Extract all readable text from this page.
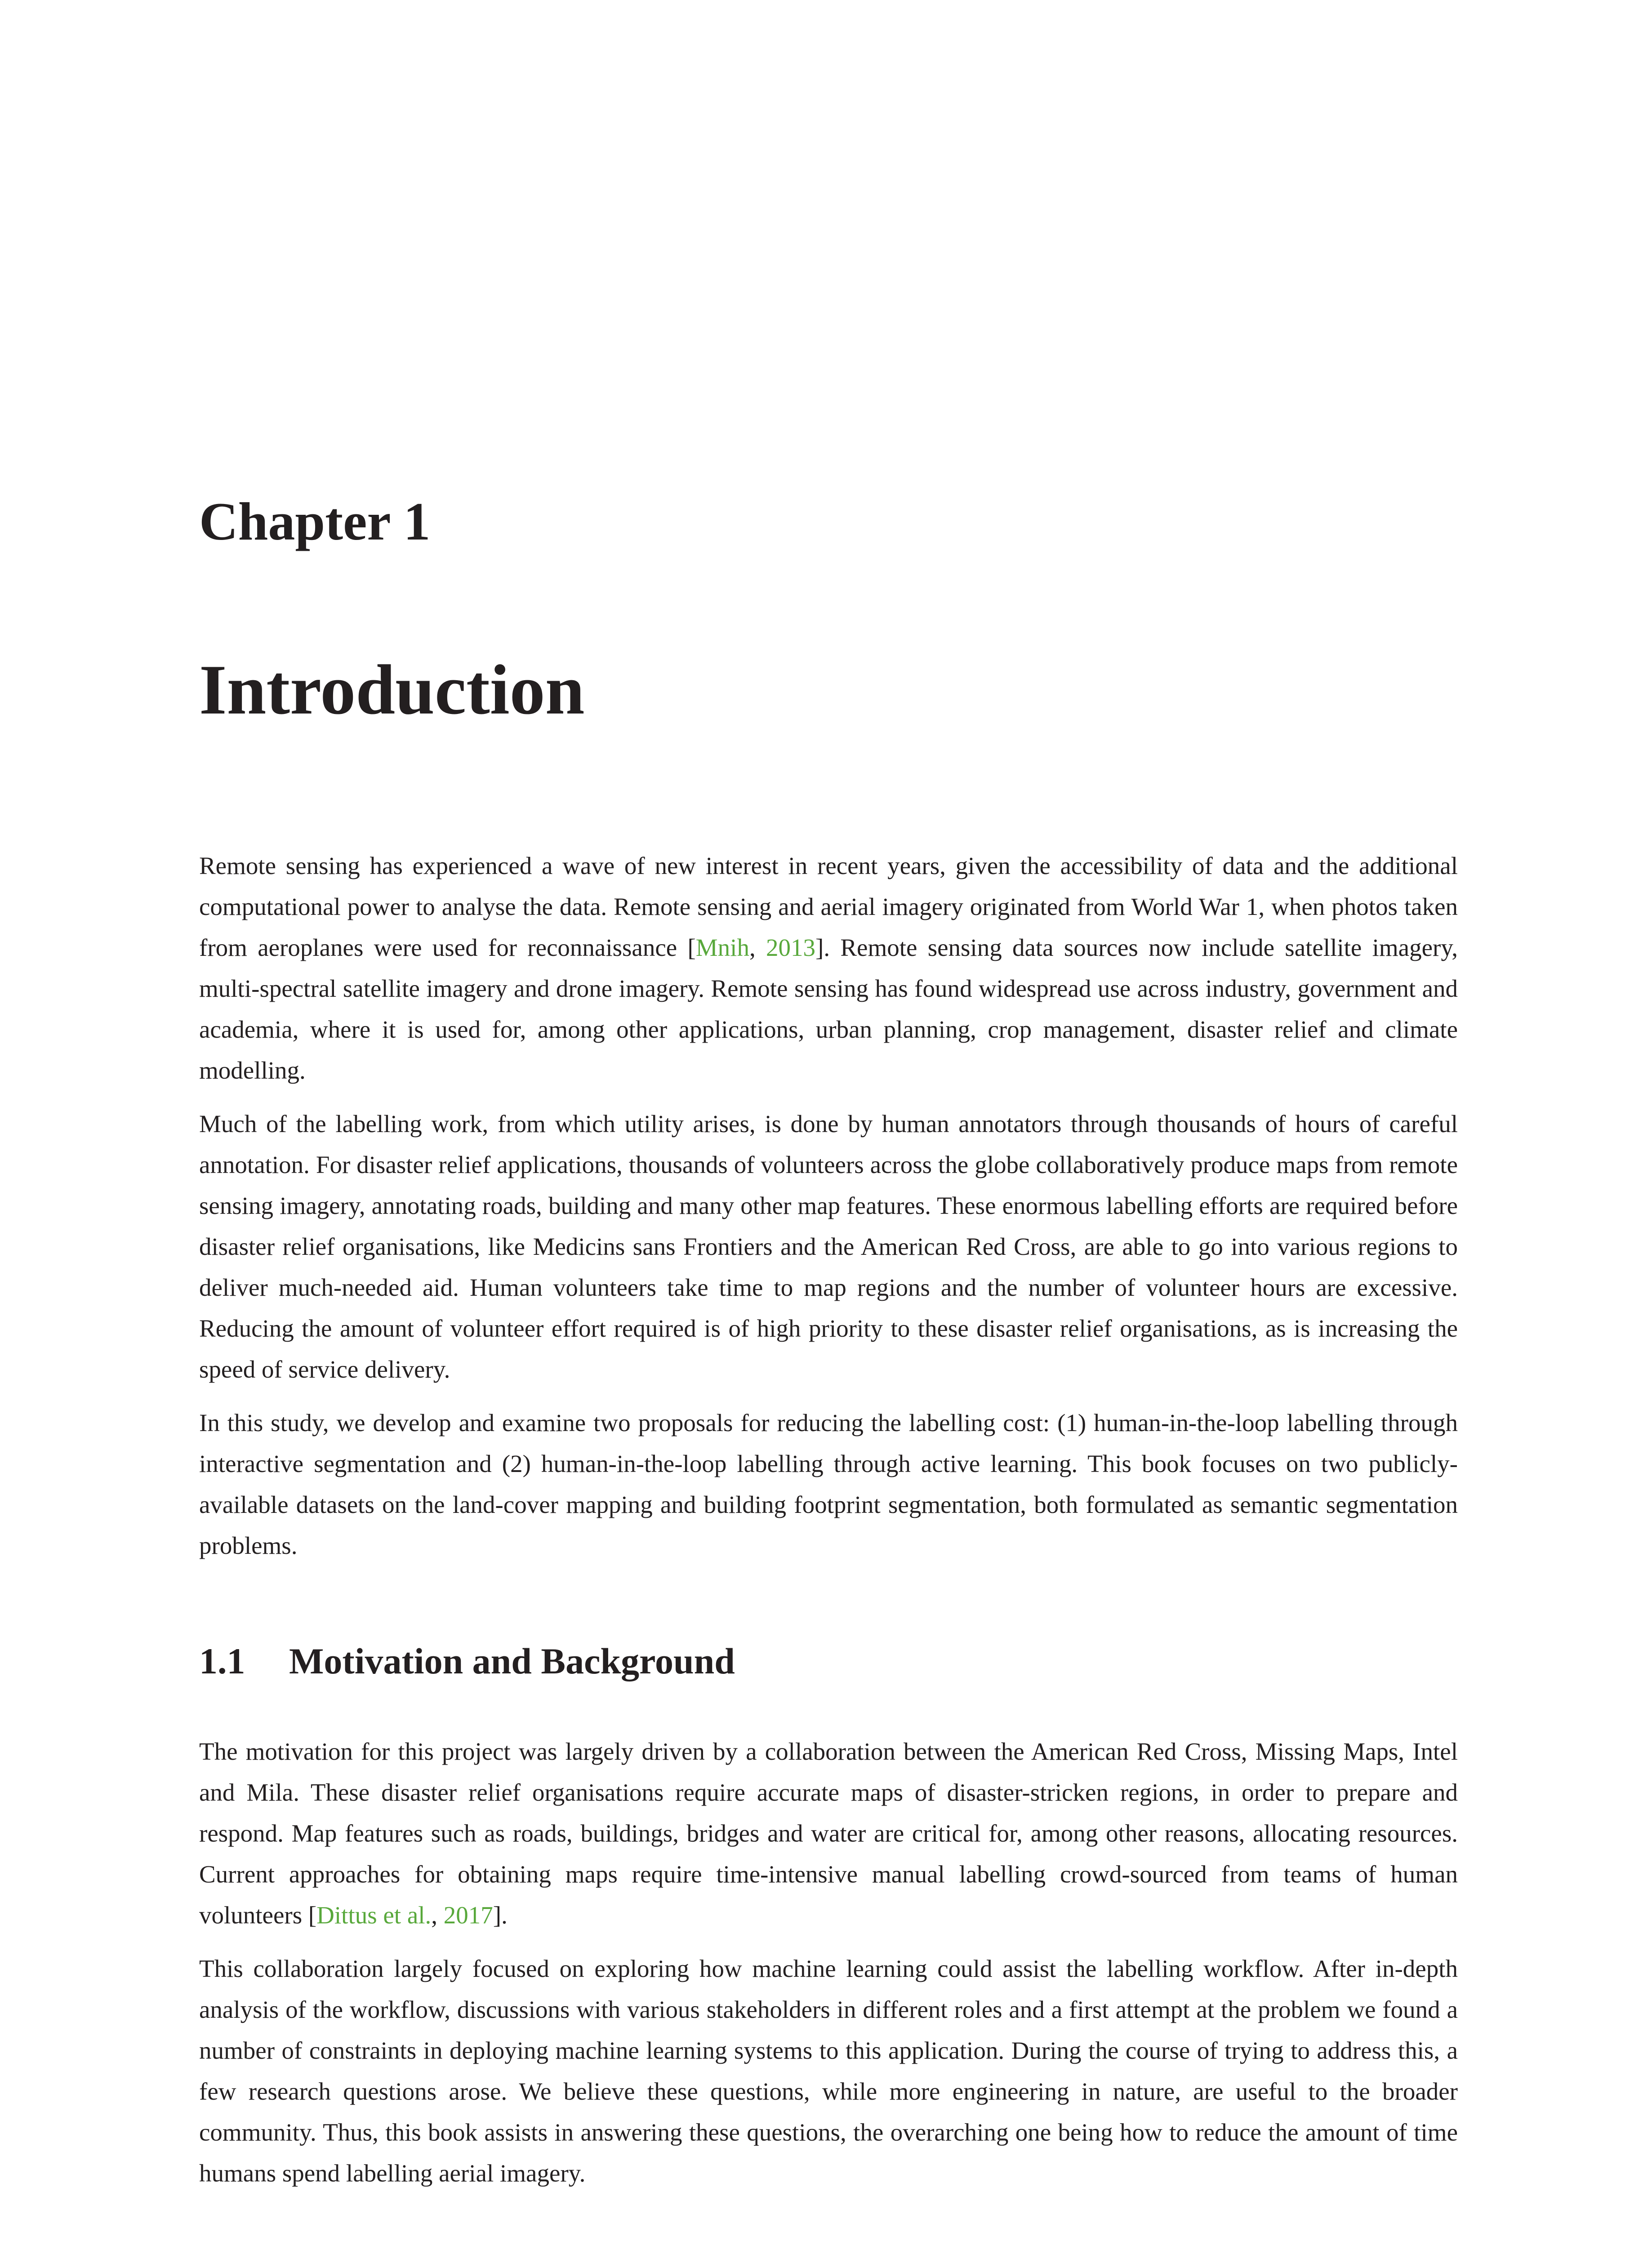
Chapter 1
Introduction

Remote sensing has experienced a wave of new interest in recent years, given the accessibility of data and the additional computational power to analyse the data. Remote sensing and aerial imagery originated from World War 1, when photos taken from aeroplanes were used for reconnaissance [Mnih, 2013]. Remote sensing data sources now include satellite imagery, multi-spectral satellite imagery and drone imagery. Remote sensing has found widespread use across industry, government and academia, where it is used for, among other applications, urban planning, crop management, disaster relief and climate modelling.

Much of the labelling work, from which utility arises, is done by human annotators through thousands of hours of careful annotation. For disaster relief applications, thousands of volunteers across the globe collaboratively produce maps from remote sensing imagery, annotating roads, building and many other map features. These enormous labelling efforts are required before disaster relief organisations, like Medicins sans Frontiers and the American Red Cross, are able to go into various regions to deliver much-needed aid. Human volunteers take time to map regions and the number of volunteer hours are excessive. Reducing the amount of volunteer effort required is of high priority to these disaster relief organisations, as is increasing the speed of service delivery.

In this study, we develop and examine two proposals for reducing the labelling cost: (1) human-in-the-loop labelling through interactive segmentation and (2) human-in-the-loop labelling through active learning. This book focuses on two publicly-available datasets on the land-cover mapping and building footprint segmentation, both formulated as semantic segmentation problems.

1.1 Motivation and Background

The motivation for this project was largely driven by a collaboration between the American Red Cross, Missing Maps, Intel and Mila. These disaster relief organisations require accurate maps of disaster-stricken regions, in order to prepare and respond. Map features such as roads, buildings, bridges and water are critical for, among other reasons, allocating resources. Current approaches for obtaining maps require time-intensive manual labelling crowd-sourced from teams of human volunteers [Dittus et al., 2017].

This collaboration largely focused on exploring how machine learning could assist the labelling workflow. After in-depth analysis of the workflow, discussions with various stakeholders in different roles and a first attempt at the problem we found a number of constraints in deploying machine learning systems to this application. During the course of trying to address this, a few research questions arose. We believe these questions, while more engineering in nature, are useful to the broader community. Thus, this book assists in answering these questions, the overarching one being how to reduce the amount of time humans spend labelling aerial imagery.
